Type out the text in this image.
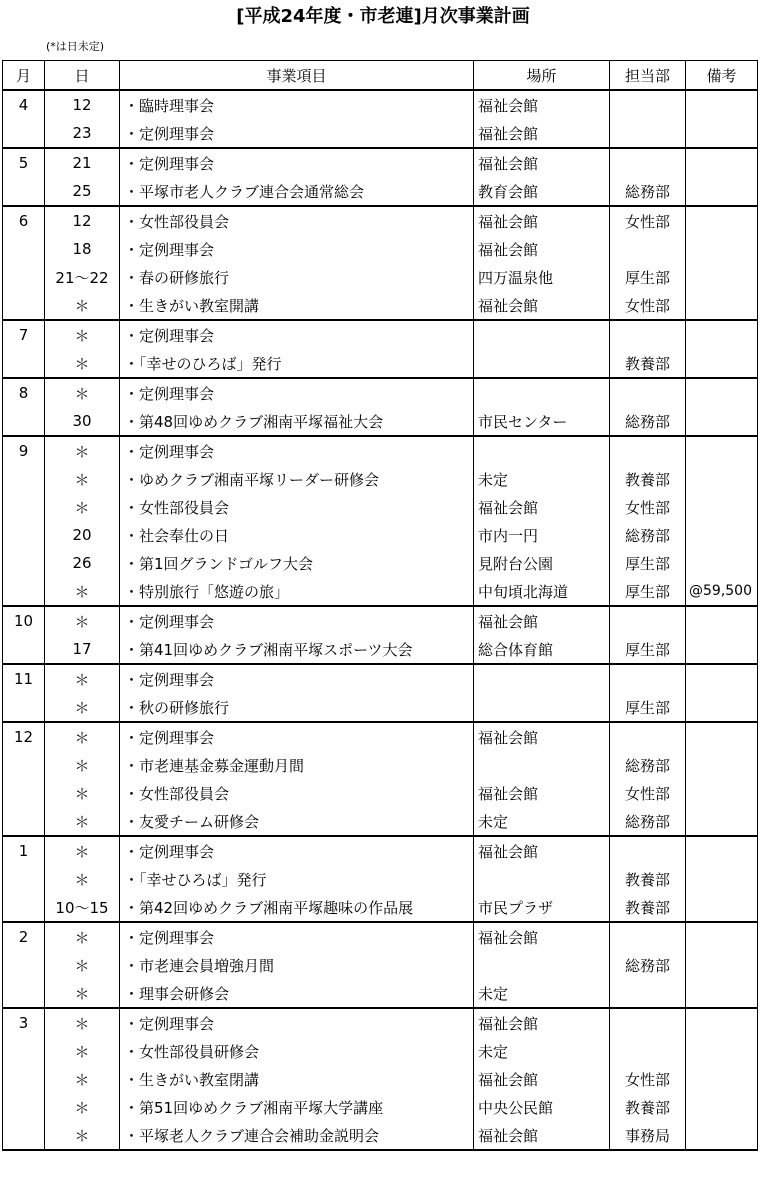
[平成24年度・市老連]月次事業計画
(*は日未定)
月	日	事業項目	場所	担当部	備考
4	12	・臨時理事会	福祉会館		
	23	・定例理事会	福祉会館		
5	21	・定例理事会	福祉会館		
	25	・平塚市老人クラブ連合会通常総会	教育会館	総務部	
6	12	・女性部役員会	福祉会館	女性部	
	18	・定例理事会	福祉会館		
	21～22	・春の研修旅行	四万温泉他	厚生部	
	＊	・生きがい教室開講	福祉会館	女性部	
7	＊	・定例理事会			
	＊	・「幸せのひろば」発行		教養部	
8	＊	・定例理事会			
	30	・第48回ゆめクラブ湘南平塚福祉大会	市民センター	総務部	
9	＊	・定例理事会			
	＊	・ゆめクラブ湘南平塚リーダー研修会	未定	教養部	
	＊	・女性部役員会	福祉会館	女性部	
	20	・社会奉仕の日	市内一円	総務部	
	26	・第1回グランドゴルフ大会	見附台公園	厚生部	
	＊	・特別旅行「悠遊の旅」	中旬頃北海道	厚生部	@59,500
10	＊	・定例理事会	福祉会館		
	17	・第41回ゆめクラブ湘南平塚スポーツ大会	総合体育館	厚生部	
11	＊	・定例理事会			
	＊	・秋の研修旅行		厚生部	
12	＊	・定例理事会	福祉会館		
	＊	・市老連基金募金運動月間		総務部	
	＊	・女性部役員会	福祉会館	女性部	
	＊	・友愛チーム研修会	未定	総務部	
1	＊	・定例理事会	福祉会館		
	＊	・「幸せひろば」発行		教養部	
	10～15	・第42回ゆめクラブ湘南平塚趣味の作品展	市民プラザ	教養部	
2	＊	・定例理事会	福祉会館		
	＊	・市老連会員増強月間		総務部	
	＊	・理事会研修会	未定		
3	＊	・定例理事会	福祉会館		
	＊	・女性部役員研修会	未定		
	＊	・生きがい教室閉講	福祉会館	女性部	
	＊	・第51回ゆめクラブ湘南平塚大学講座	中央公民館	教養部	
	＊	・平塚老人クラブ連合会補助金説明会	福祉会館	事務局	
